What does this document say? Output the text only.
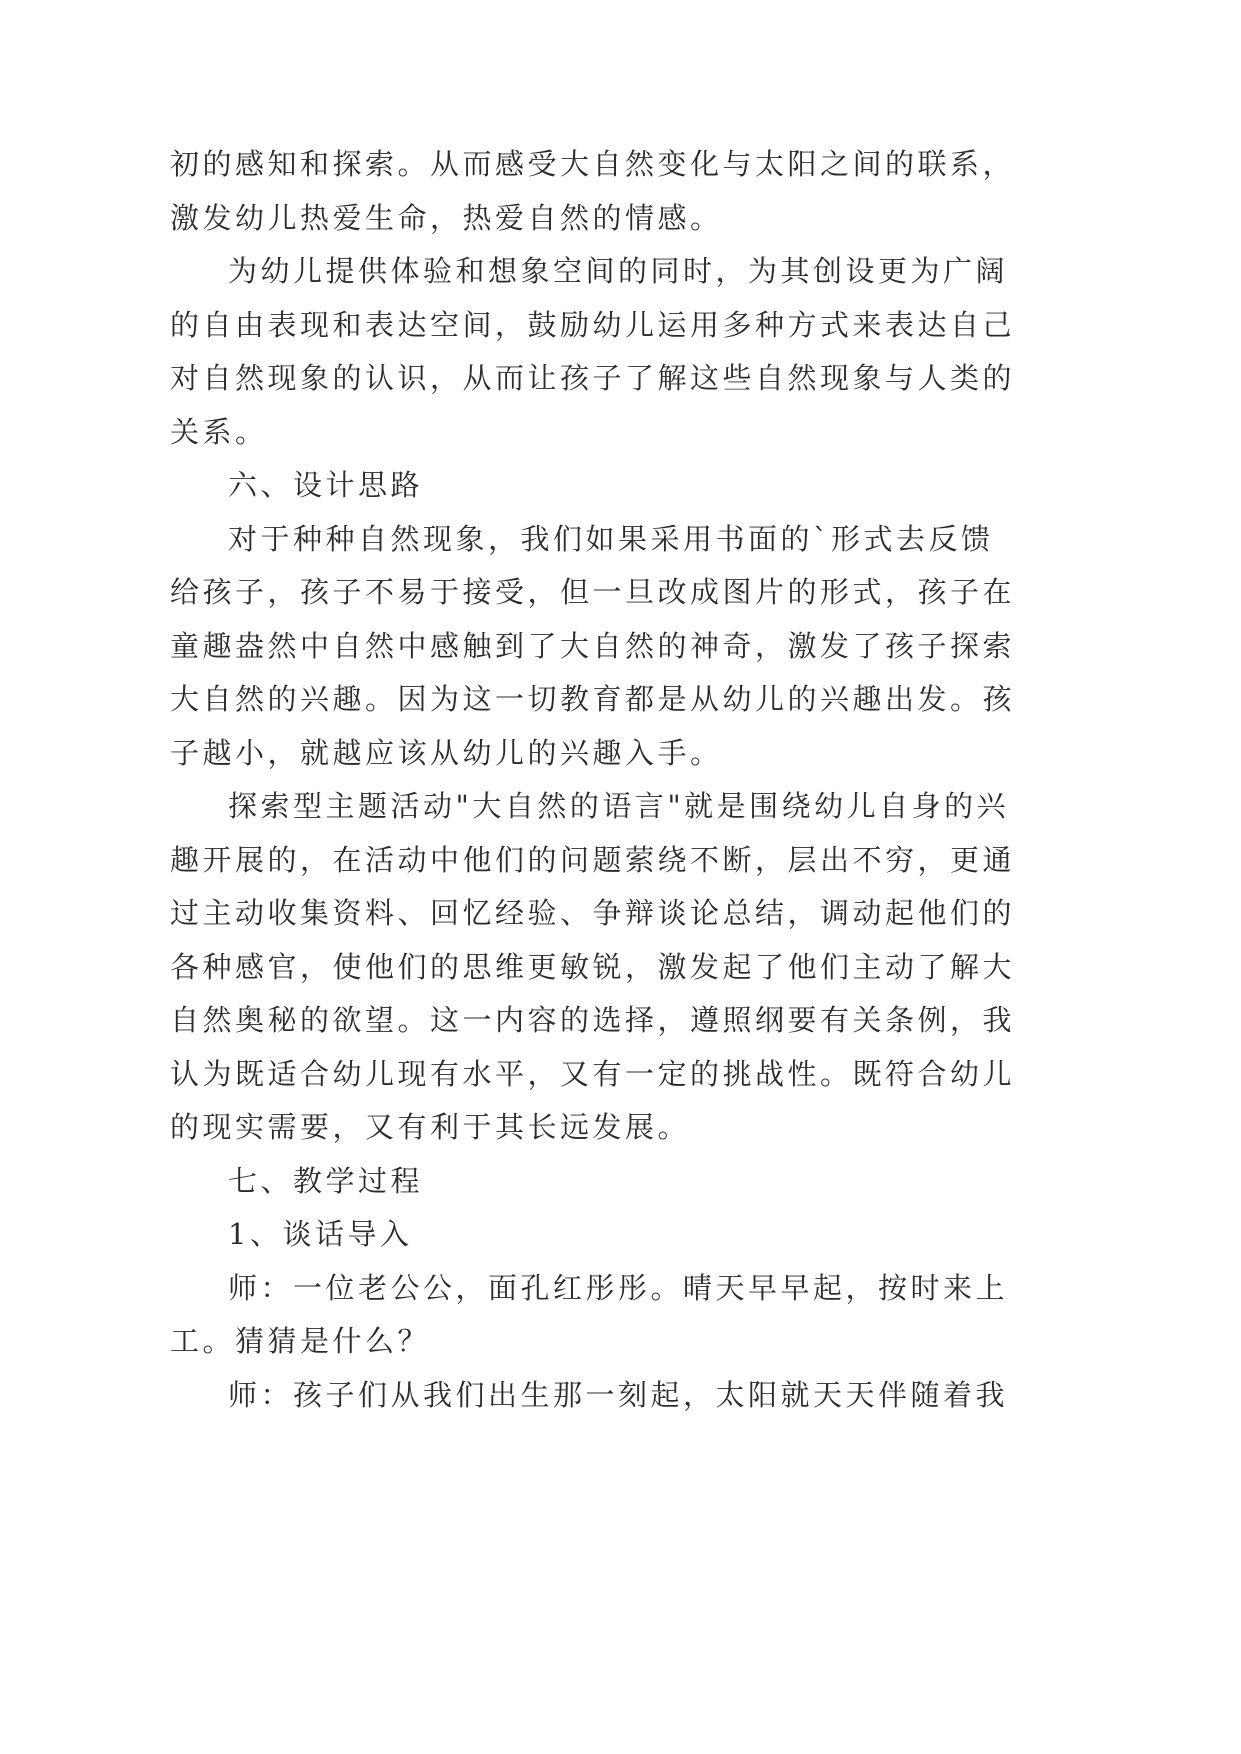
初的感知和探索。从而感受大自然变化与太阳之间的联系，
激发幼儿热爱生命，热爱自然的情感。
为幼儿提供体验和想象空间的同时，为其创设更为广阔
的自由表现和表达空间，鼓励幼儿运用多种方式来表达自己
对自然现象的认识，从而让孩子了解这些自然现象与人类的
关系。
六、设计思路
对于种种自然现象，我们如果采用书面的`形式去反馈
给孩子，孩子不易于接受，但一旦改成图片的形式，孩子在
童趣盎然中自然中感触到了大自然的神奇，激发了孩子探索
大自然的兴趣。因为这一切教育都是从幼儿的兴趣出发。孩
子越小，就越应该从幼儿的兴趣入手。
探索型主题活动"大自然的语言"就是围绕幼儿自身的兴
趣开展的，在活动中他们的问题萦绕不断，层出不穷，更通
过主动收集资料、回忆经验、争辩谈论总结，调动起他们的
各种感官，使他们的思维更敏锐，激发起了他们主动了解大
自然奥秘的欲望。这一内容的选择，遵照纲要有关条例，我
认为既适合幼儿现有水平，又有一定的挑战性。既符合幼儿
的现实需要，又有利于其长远发展。
七、教学过程
1、谈话导入
师：一位老公公，面孔红彤彤。晴天早早起，按时来上
工。猜猜是什么？
师：孩子们从我们出生那一刻起，太阳就天天伴随着我
